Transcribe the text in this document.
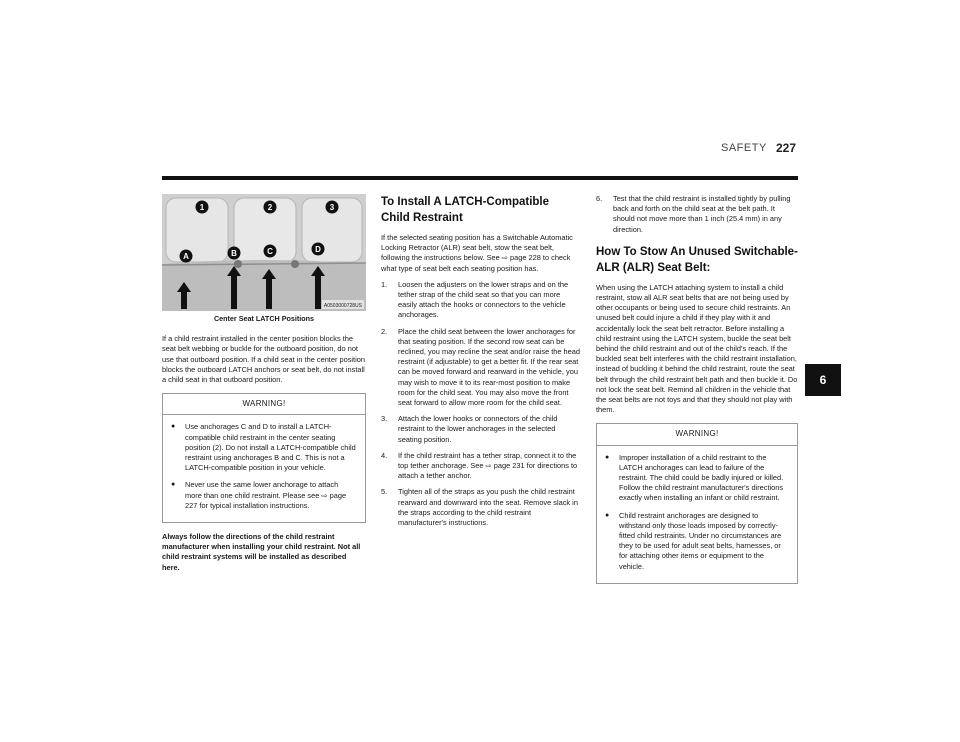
SAFETY 227
1	2	3
A	B	C	D
A0503000728US
Center Seat LATCH Positions

If a child restraint installed in the center position blocks the seat belt webbing or buckle for the outboard position, do not use that outboard position. If a child seat in the center position blocks the outboard LATCH anchors or seat belt, do not install a child seat in that outboard position.

WARNING!
● Use anchorages C and D to install a LATCH-compatible child restraint in the center seating position (2). Do not install a LATCH-compatible child restraint using anchorages B and C. This is not a LATCH-compatible position in your vehicle.
● Never use the same lower anchorage to attach more than one child restraint. Please see ⇨ page 227 for typical installation instructions.

Always follow the directions of the child restraint manufacturer when installing your child restraint. Not all child restraint systems will be installed as described here.

To Install A LATCH-Compatible Child Restraint

If the selected seating position has a Switchable Automatic Locking Retractor (ALR) seat belt, stow the seat belt, following the instructions below. See ⇨ page 228 to check what type of seat belt each seating position has.

1. Loosen the adjusters on the lower straps and on the tether strap of the child seat so that you can more easily attach the hooks or connectors to the vehicle anchorages.
2. Place the child seat between the lower anchorages for that seating position. If the second row seat can be reclined, you may recline the seat and/or raise the head restraint (if adjustable) to get a better fit. If the rear seat can be moved forward and rearward in the vehicle, you may wish to move it to its rear-most position to make room for the child seat. You may also move the front seat forward to allow more room for the child seat.
3. Attach the lower hooks or connectors of the child restraint to the lower anchorages in the selected seating position.
4. If the child restraint has a tether strap, connect it to the top tether anchorage. See ⇨ page 231 for directions to attach a tether anchor.
5. Tighten all of the straps as you push the child restraint rearward and downward into the seat. Remove slack in the straps according to the child restraint manufacturer's instructions.
6. Test that the child restraint is installed tightly by pulling back and forth on the child seat at the belt path. It should not move more than 1 inch (25.4 mm) in any direction.
How To Stow An Unused Switchable-ALR (ALR) Seat Belt:

When using the LATCH attaching system to install a child restraint, stow all ALR seat belts that are not being used by other occupants or being used to secure child restraints. An unused belt could injure a child if they play with it and accidentally lock the seat belt retractor. Before installing a child restraint using the LATCH system, buckle the seat belt behind the child restraint and out of the child's reach. If the buckled seat belt interferes with the child restraint installation, instead of buckling it behind the child restraint, route the seat belt through the child restraint belt path and then buckle it. Do not lock the seat belt. Remind all children in the vehicle that the seat belts are not toys and that they should not play with them.

WARNING!
● Improper installation of a child restraint to the LATCH anchorages can lead to failure of the restraint. The child could be badly injured or killed. Follow the child restraint manufacturer's directions exactly when installing an infant or child restraint.
● Child restraint anchorages are designed to withstand only those loads imposed by correctly-fitted child restraints. Under no circumstances are they to be used for adult seat belts, harnesses, or for attaching other items or equipment to the vehicle.
6
